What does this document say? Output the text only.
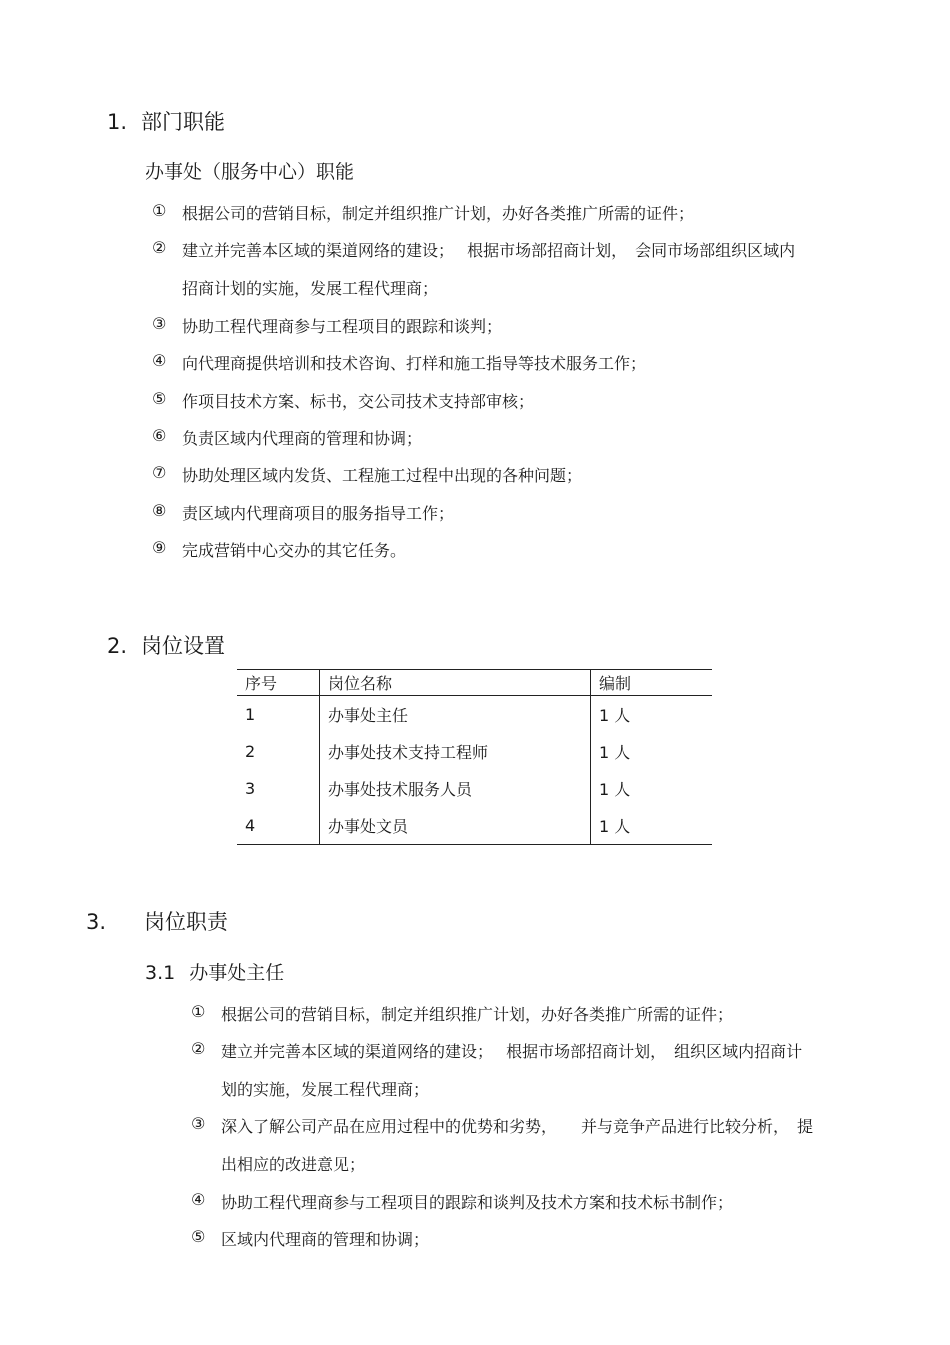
1. 部门职能
办事处（服务中心）职能
① 根据公司的营销目标，制定并组织推广计划，办好各类推广所需的证件；
② 建立并完善本区域的渠道网络的建设；　 根据市场部招商计划，　会同市场部组织区域内
招商计划的实施，发展工程代理商；
③ 协助工程代理商参与工程项目的跟踪和谈判；
④ 向代理商提供培训和技术咨询、打样和施工指导等技术服务工作；
⑤ 作项目技术方案、标书，交公司技术支持部审核；
⑥ 负责区域内代理商的管理和协调；
⑦ 协助处理区域内发货、工程施工过程中出现的各种问题；
⑧ 责区域内代理商项目的服务指导工作；
⑨ 完成营销中心交办的其它任务。
2. 岗位设置
序号	岗位名称	编制
1	办事处主任	1 人
2	办事处技术支持工程师	1 人
3	办事处技术服务人员	1 人
4	办事处文员	1 人
3. 岗位职责
3.1 办事处主任
① 根据公司的营销目标，制定并组织推广计划，办好各类推广所需的证件；
② 建立并完善本区域的渠道网络的建设；　 根据市场部招商计划，　组织区域内招商计
划的实施，发展工程代理商；
③ 深入了解公司产品在应用过程中的优势和劣势，　　并与竞争产品进行比较分析，　提
出相应的改进意见；
④ 协助工程代理商参与工程项目的跟踪和谈判及技术方案和技术标书制作；
⑤ 区域内代理商的管理和协调；
